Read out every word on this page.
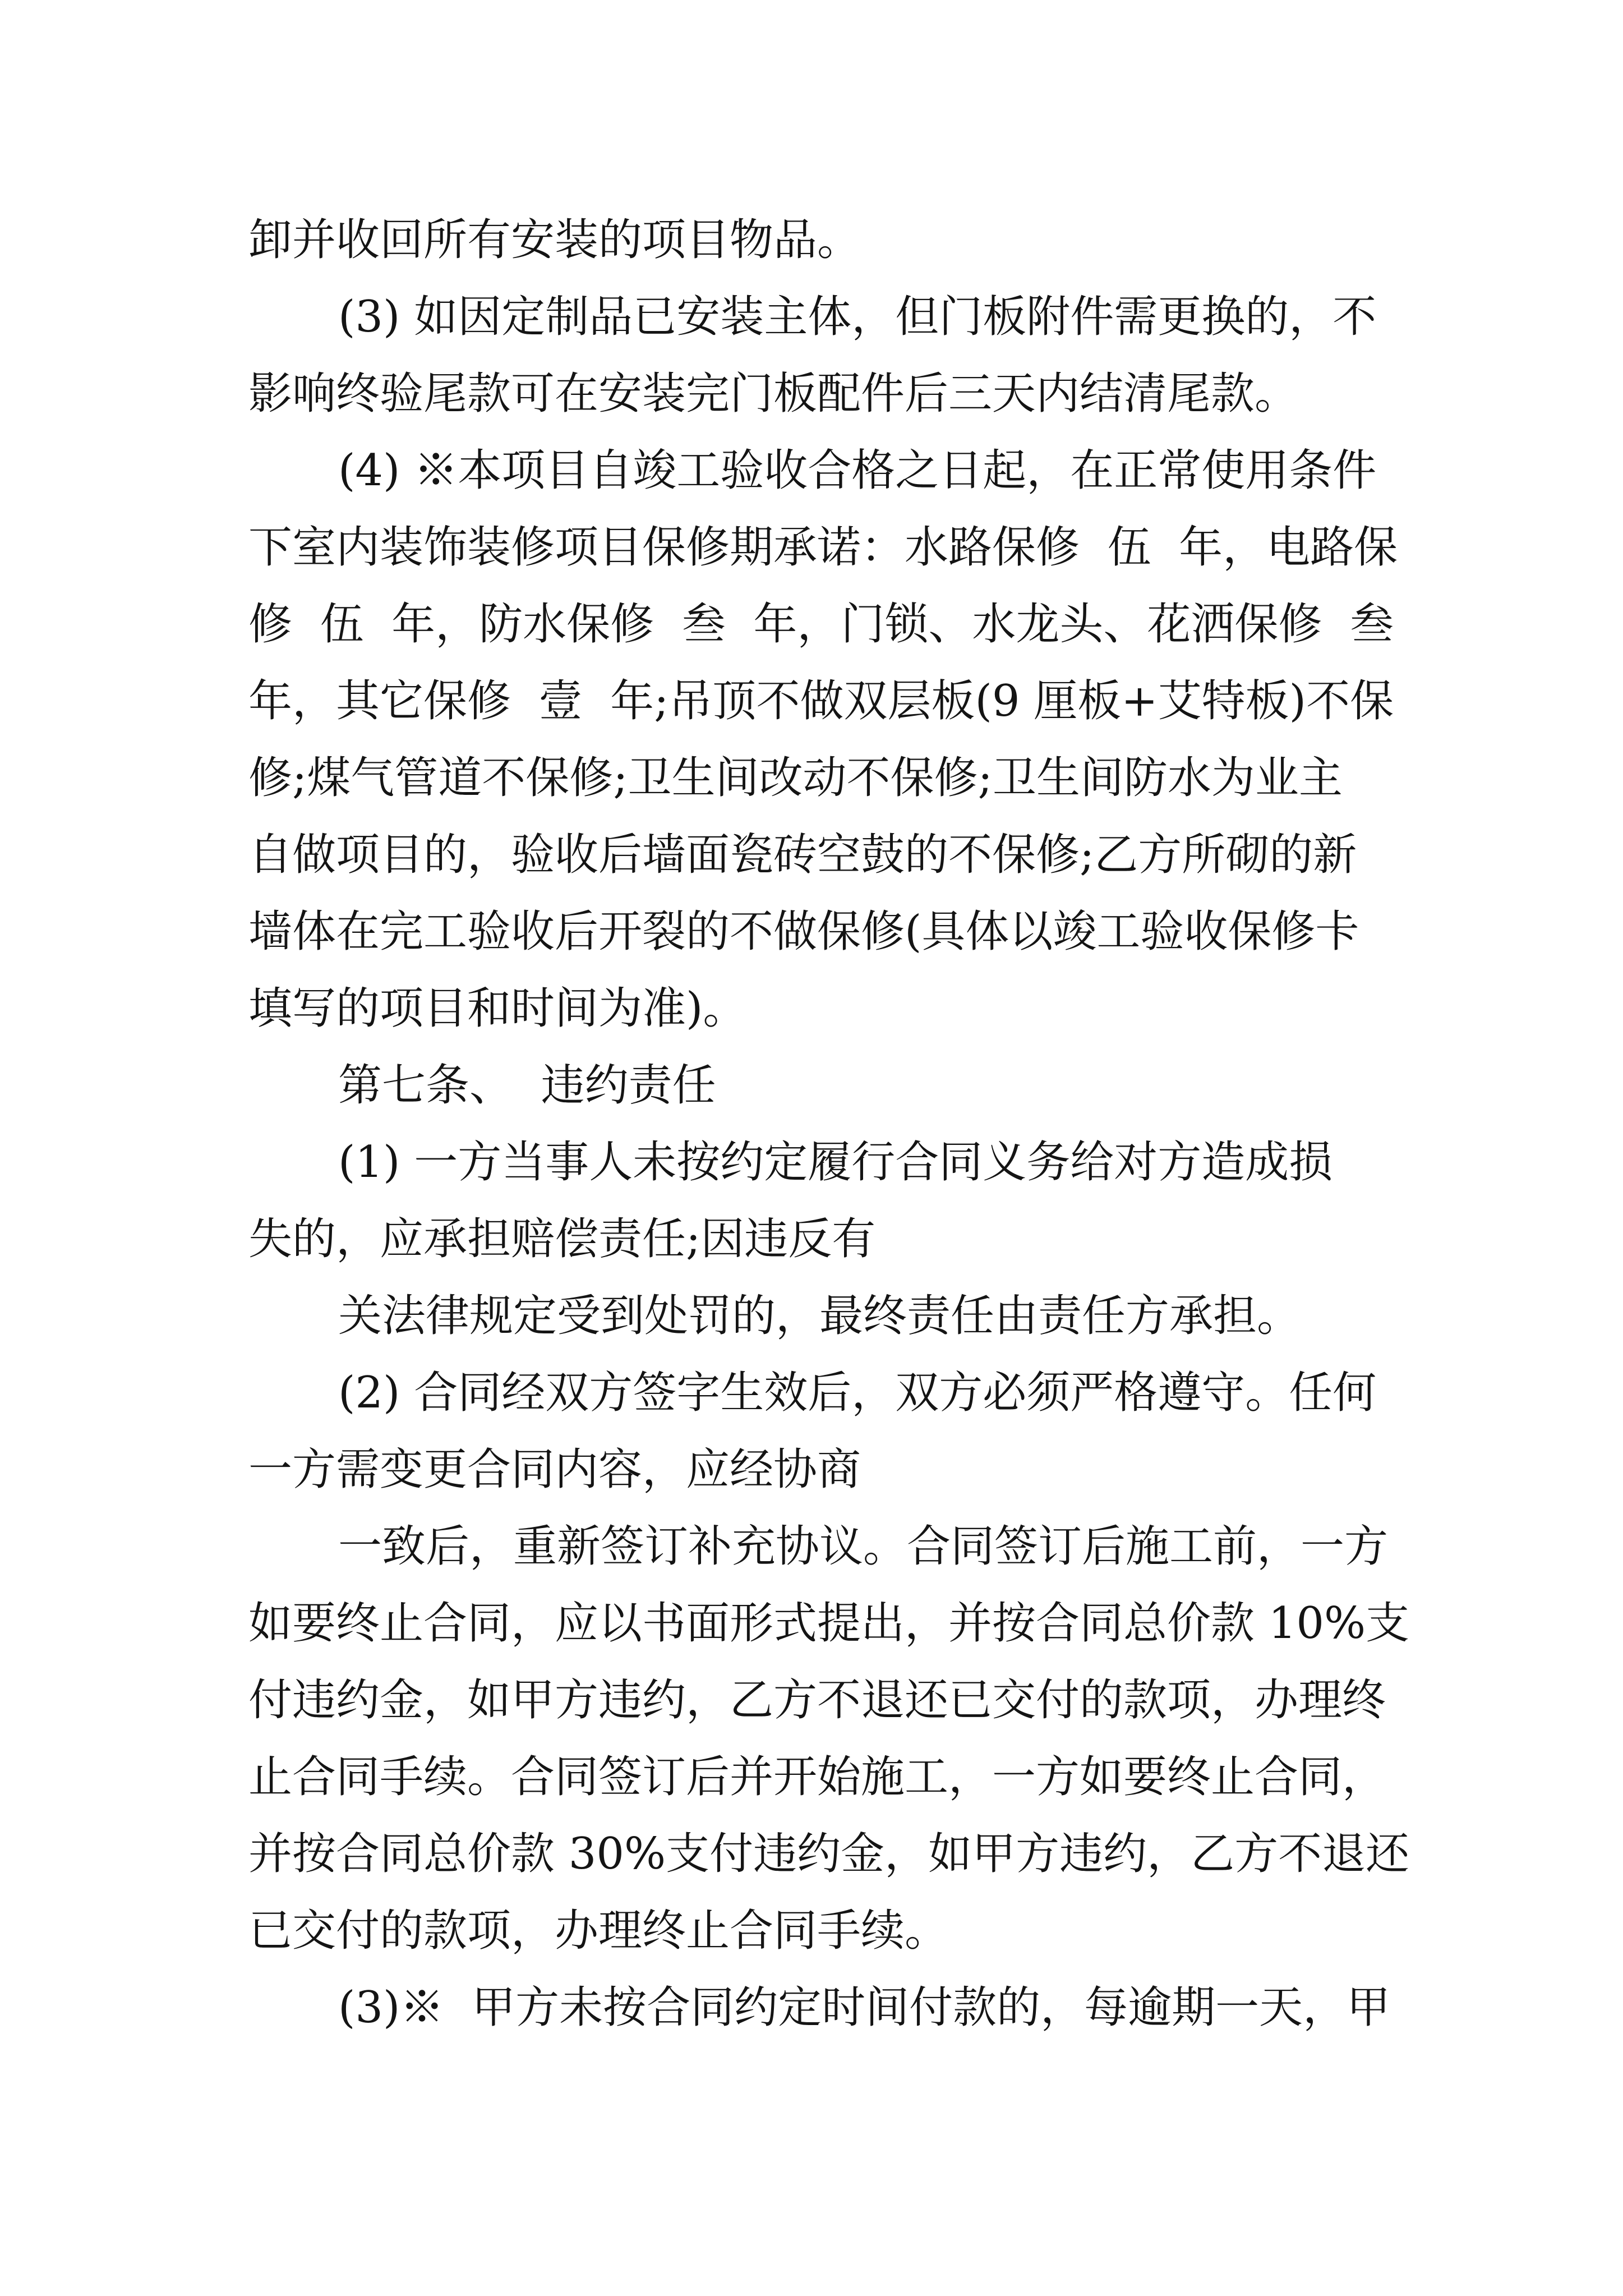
卸并收回所有安装的项目物品。
(3) 如因定制品已安装主体，但门板附件需更换的，不
影响终验尾款可在安装完门板配件后三天内结清尾款。
(4) ※本项目自竣工验收合格之日起，在正常使用条件
下室内装饰装修项目保修期承诺：水路保修  伍  年，电路保
修  伍  年，防水保修  叁  年，门锁、水龙头、花洒保修  叁
年，其它保修  壹  年;吊顶不做双层板(9 厘板+艾特板)不保
修;煤气管道不保修;卫生间改动不保修;卫生间防水为业主
自做项目的，验收后墙面瓷砖空鼓的不保修;乙方所砌的新
墙体在完工验收后开裂的不做保修(具体以竣工验收保修卡
填写的项目和时间为准)。
第七条、  违约责任
(1) 一方当事人未按约定履行合同义务给对方造成损
失的，应承担赔偿责任;因违反有
关法律规定受到处罚的，最终责任由责任方承担。
(2) 合同经双方签字生效后，双方必须严格遵守。任何
一方需变更合同内容，应经协商
一致后，重新签订补充协议。合同签订后施工前，一方
如要终止合同，应以书面形式提出，并按合同总价款 10%支
付违约金，如甲方违约，乙方不退还已交付的款项，办理终
止合同手续。合同签订后并开始施工，一方如要终止合同，
并按合同总价款 30%支付违约金，如甲方违约，乙方不退还
已交付的款项，办理终止合同手续。
(3)※  甲方未按合同约定时间付款的，每逾期一天，甲
